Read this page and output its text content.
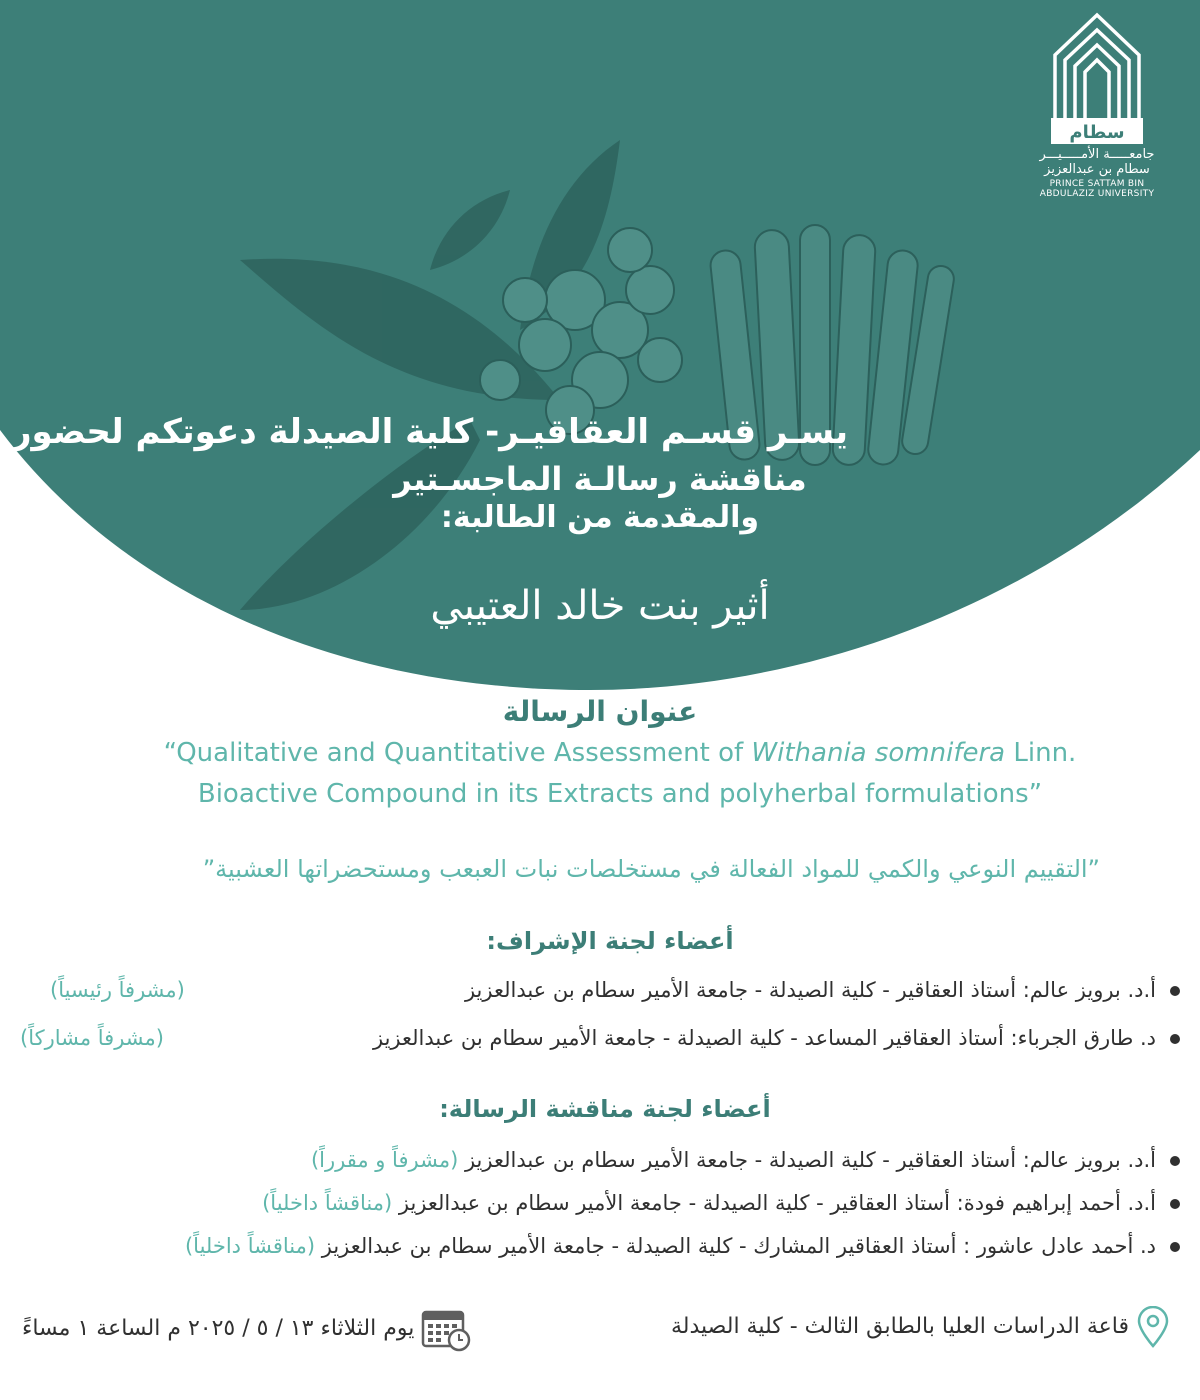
سطام
جامعـــــة الأمـــــيـــر سطام بن عبدالعزيز
PRINCE SATTAM BIN ABDULAZIZ UNIVERSITY
يسـر قسـم العقاقيـر- كلية الصيدلة دعوتكم لحضور
مناقشة رسالـة الماجسـتير
والمقدمة من الطالبة:
أثير بنت خالد العتيبي
عنوان الرسالة
“Qualitative and Quantitative Assessment of Withania somnifera Linn.
Bioactive Compound in its Extracts and polyherbal formulations”
”التقييم النوعي والكمي للمواد الفعالة في مستخلصات نبات العبعب ومستحضراتها العشبية”
أعضاء لجنة الإشراف:
أ.د. برويز عالم: أستاذ العقاقير - كلية الصيدلة - جامعة الأمير سطام بن عبدالعزيز
(مشرفاً رئيسياً)
د. طارق الجرباء: أستاذ العقاقير المساعد - كلية الصيدلة - جامعة الأمير سطام بن عبدالعزيز
(مشرفاً مشاركاً)
أعضاء لجنة مناقشة الرسالة:
أ.د. برويز عالم: أستاذ العقاقير - كلية الصيدلة - جامعة الأمير سطام بن عبدالعزيز (مشرفاً و مقرراً)
أ.د. أحمد إبراهيم فودة: أستاذ العقاقير - كلية الصيدلة - جامعة الأمير سطام بن عبدالعزيز (مناقشاً داخلياً)
د. أحمد عادل عاشور : أستاذ العقاقير المشارك - كلية الصيدلة - جامعة الأمير سطام بن عبدالعزيز (مناقشاً داخلياً)
قاعة الدراسات العليا بالطابق الثالث - كلية الصيدلة
يوم الثلاثاء ١٣ / ٥ / ٢٠٢٥ م الساعة ١ مساءً
